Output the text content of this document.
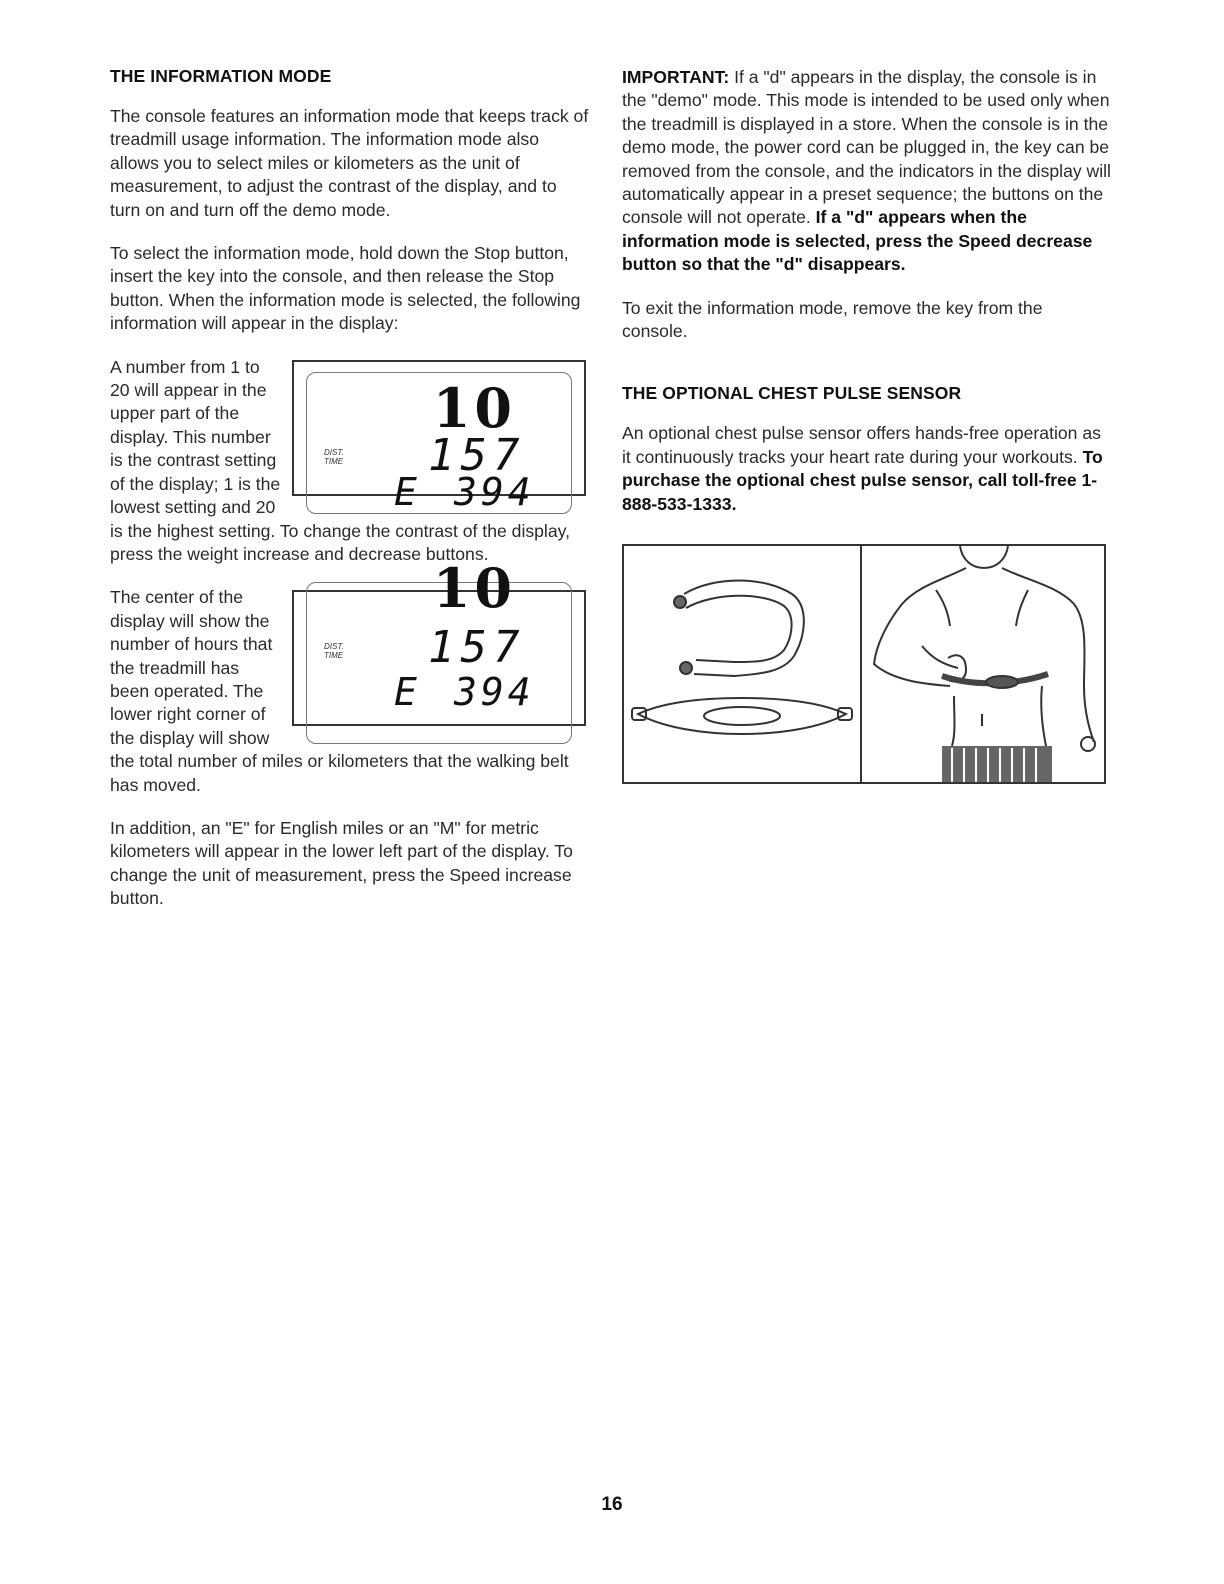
THE INFORMATION MODE

The console features an information mode that keeps track of treadmill usage information. The information mode also allows you to select miles or kilometers as the unit of measurement, to adjust the contrast of the display, and to turn on and turn off the demo mode.

To select the information mode, hold down the Stop button, insert the key into the console, and then release the Stop button. When the information mode is selected, the following information will appear in the display:

10
DIST.
TIME 157
E 394

A number from 1 to 20 will appear in the upper part of the display. This number is the contrast setting of the display; 1 is the lowest setting and 20 is the highest setting. To change the contrast of the display, press the weight increase and decrease buttons.

10
DIST.
TIME 157
E 394

The center of the display will show the number of hours that the treadmill has been operated. The lower right corner of the display will show the total number of miles or kilometers that the walking belt has moved.

In addition, an "E" for English miles or an "M" for metric kilometers will appear in the lower left part of the display. To change the unit of measurement, press the Speed increase button.

IMPORTANT: If a "d" appears in the display, the console is in the "demo" mode. This mode is intended to be used only when the treadmill is displayed in a store. When the console is in the demo mode, the power cord can be plugged in, the key can be removed from the console, and the indicators in the display will automatically appear in a preset sequence; the buttons on the console will not operate. If a "d" appears when the information mode is selected, press the Speed decrease button so that the "d" disappears.

To exit the information mode, remove the key from the console.

THE OPTIONAL CHEST PULSE SENSOR

An optional chest pulse sensor offers hands-free operation as it continuously tracks your heart rate during your workouts. To purchase the optional chest pulse sensor, call toll-free 1-888-533-1333.

16
